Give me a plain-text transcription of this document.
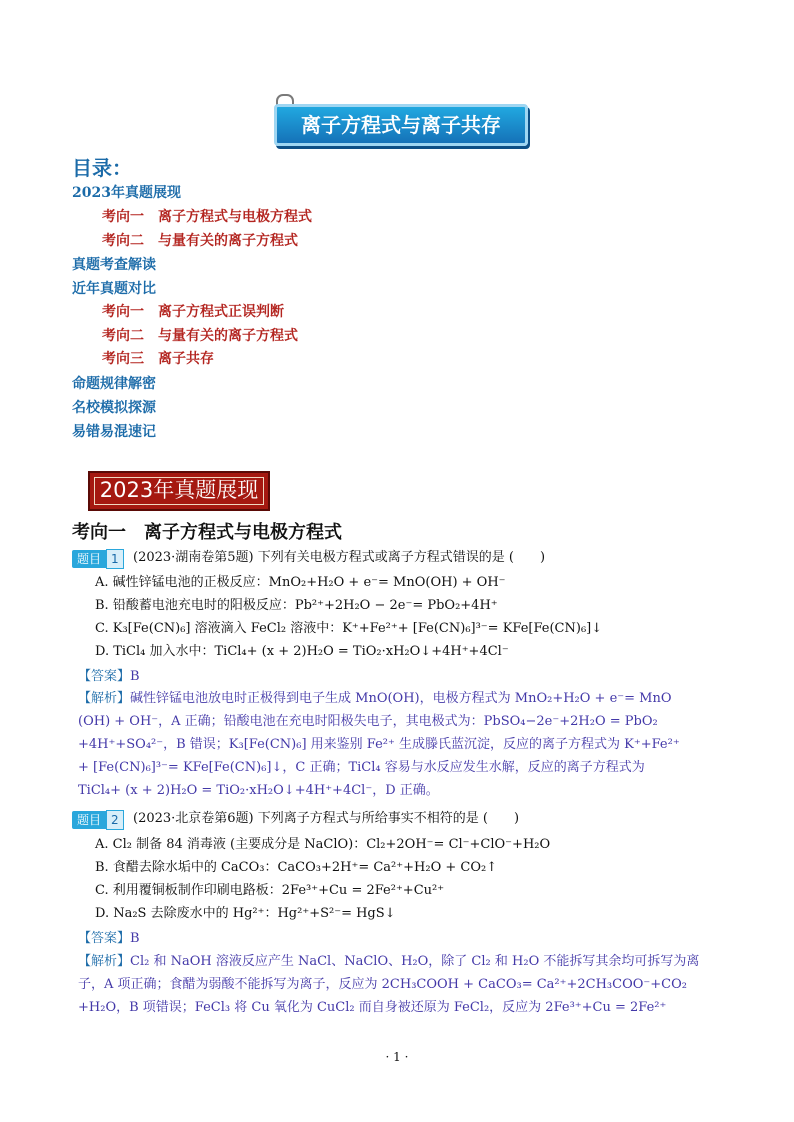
离子方程式与离子共存
目录：
2023年真题展现
考向一 离子方程式与电极方程式
考向二 与量有关的离子方程式
真题考查解读
近年真题对比
考向一 离子方程式正误判断
考向二 与量有关的离子方程式
考向三 离子共存
命题规律解密
名校模拟探源
易错易混速记
2023年真题展现
考向一　离子方程式与电极方程式
题目 1	(2023·湖南卷第5题) 下列有关电极方程式或离子方程式错误的是 (　　)
A. 碱性锌锰电池的正极反应：MnO₂+H₂O + e⁻= MnO(OH) + OH⁻
B. 铅酸蓄电池充电时的阳极反应：Pb²⁺+2H₂O − 2e⁻= PbO₂+4H⁺
C. K₃[Fe(CN)₆] 溶液滴入 FeCl₂ 溶液中：K⁺+Fe²⁺+ [Fe(CN)₆]³⁻= KFe[Fe(CN)₆]↓
D. TiCl₄ 加入水中：TiCl₄+ (x + 2)H₂O = TiO₂·xH₂O↓+4H⁺+4Cl⁻
【答案】B
【解析】碱性锌锰电池放电时正极得到电子生成 MnO(OH)，电极方程式为 MnO₂+H₂O + e⁻= MnO
(OH) + OH⁻，A 正确；铅酸电池在充电时阳极失电子，其电极式为：PbSO₄−2e⁻+2H₂O = PbO₂
+4H⁺+SO₄²⁻，B 错误；K₃[Fe(CN)₆] 用来鉴别 Fe²⁺ 生成滕氏蓝沉淀，反应的离子方程式为 K⁺+Fe²⁺
+ [Fe(CN)₆]³⁻= KFe[Fe(CN)₆]↓，C 正确；TiCl₄ 容易与水反应发生水解，反应的离子方程式为
TiCl₄+ (x + 2)H₂O = TiO₂·xH₂O↓+4H⁺+4Cl⁻，D 正确。
题目 2	(2023·北京卷第6题) 下列离子方程式与所给事实不相符的是 (　　)
A. Cl₂ 制备 84 消毒液 (主要成分是 NaClO)：Cl₂+2OH⁻= Cl⁻+ClO⁻+H₂O
B. 食醋去除水垢中的 CaCO₃：CaCO₃+2H⁺= Ca²⁺+H₂O + CO₂↑
C. 利用覆铜板制作印刷电路板：2Fe³⁺+Cu = 2Fe²⁺+Cu²⁺
D. Na₂S 去除废水中的 Hg²⁺：Hg²⁺+S²⁻= HgS↓
【答案】B
【解析】Cl₂ 和 NaOH 溶液反应产生 NaCl、NaClO、H₂O，除了 Cl₂ 和 H₂O 不能拆写其余均可拆写为离
子，A 项正确；食醋为弱酸不能拆写为离子，反应为 2CH₃COOH + CaCO₃= Ca²⁺+2CH₃COO⁻+CO₂
+H₂O，B 项错误；FeCl₃ 将 Cu 氧化为 CuCl₂ 而自身被还原为 FeCl₂，反应为 2Fe³⁺+Cu = 2Fe²⁺
· 1 ·
